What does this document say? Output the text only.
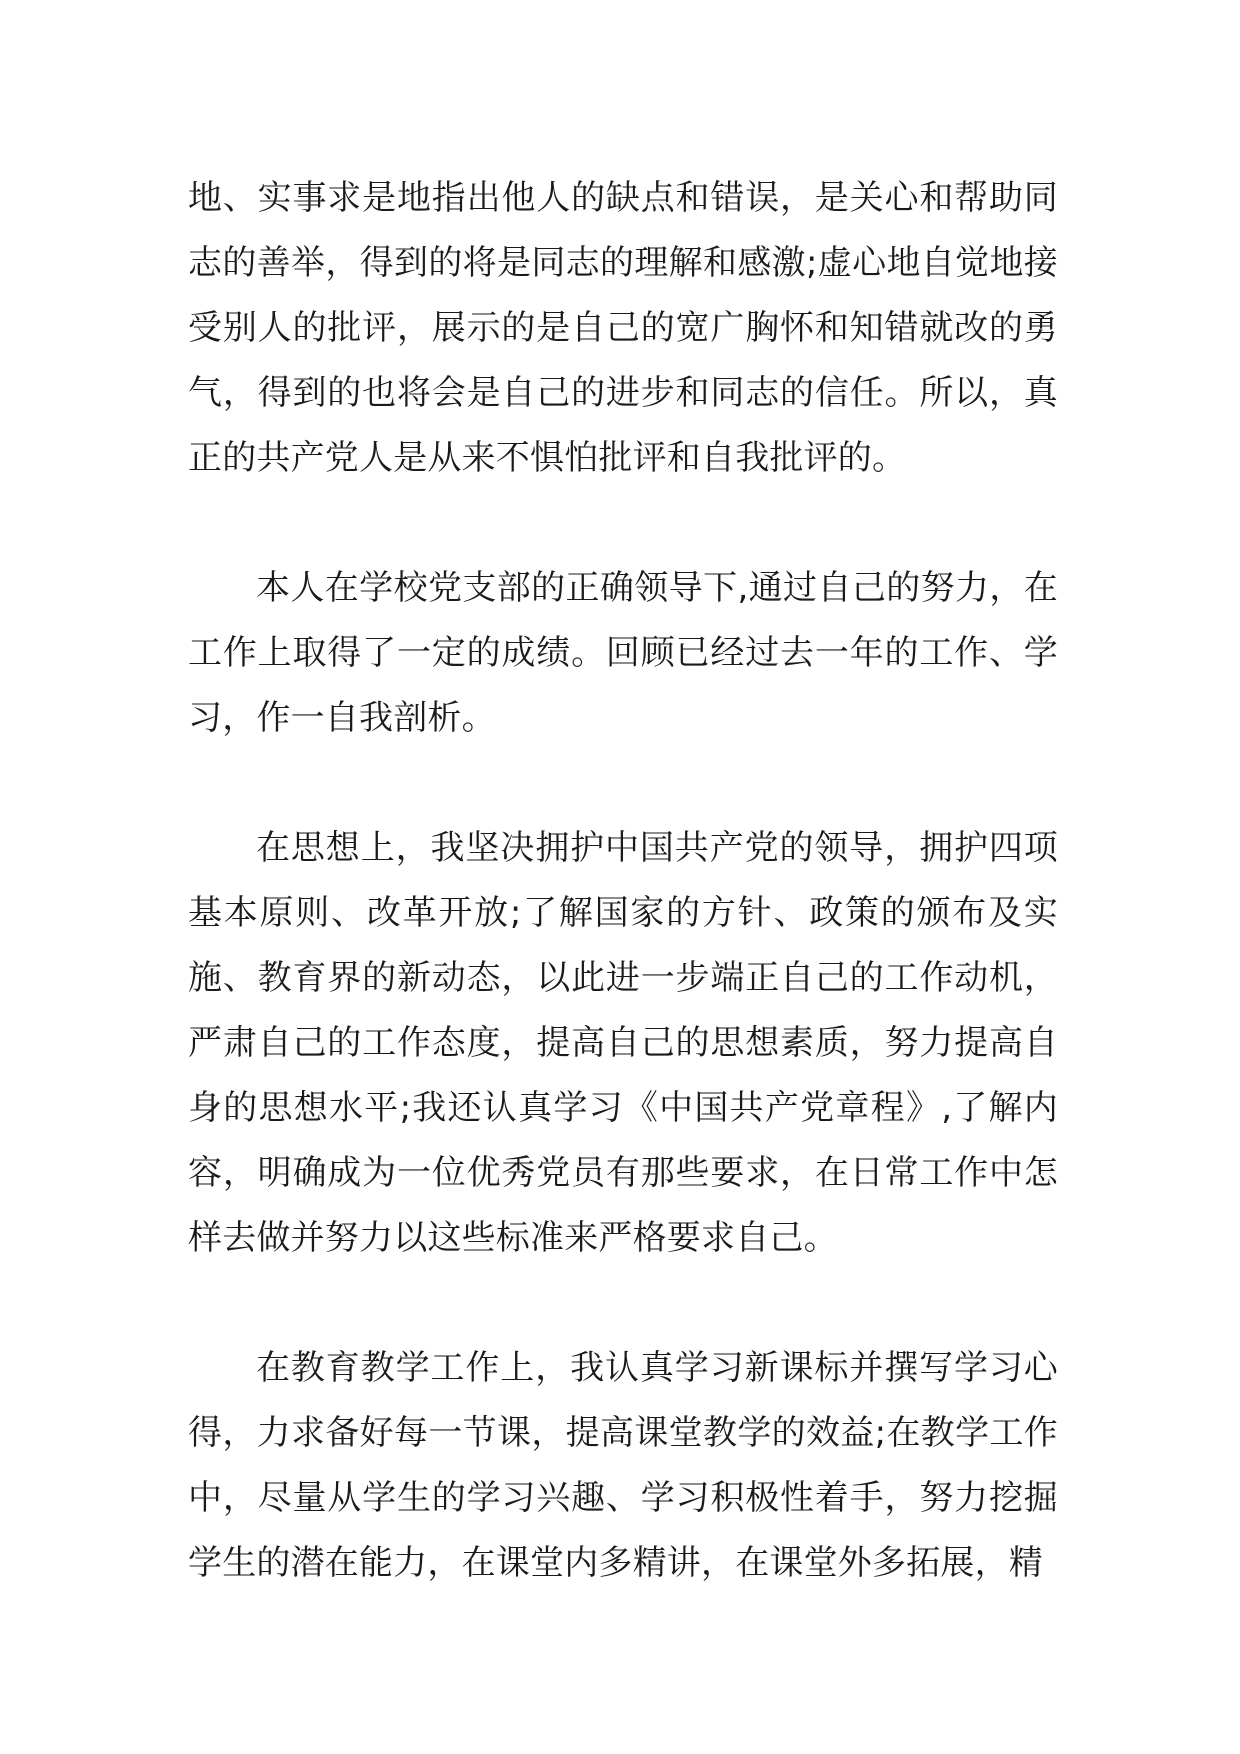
地、实事求是地指出他人的缺点和错误，是关心和帮助同志的善举，得到的将是同志的理解和感激;虚心地自觉地接受别人的批评，展示的是自己的宽广胸怀和知错就改的勇气，得到的也将会是自己的进步和同志的信任。所以，真正的共产党人是从来不惧怕批评和自我批评的。

本人在学校党支部的正确领导下,通过自己的努力，在工作上取得了一定的成绩。回顾已经过去一年的工作、学习，作一自我剖析。

在思想上，我坚决拥护中国共产党的领导，拥护四项基本原则、改革开放;了解国家的方针、政策的颁布及实施、教育界的新动态，以此进一步端正自己的工作动机，严肃自己的工作态度，提高自己的思想素质，努力提高自身的思想水平;我还认真学习《中国共产党章程》,了解内容，明确成为一位优秀党员有那些要求，在日常工作中怎样去做并努力以这些标准来严格要求自己。

在教育教学工作上，我认真学习新课标并撰写学习心得，力求备好每一节课，提高课堂教学的效益;在教学工作中，尽量从学生的学习兴趣、学习积极性着手，努力挖掘学生的潜在能力，在课堂内多精讲，在课堂外多拓展，精
